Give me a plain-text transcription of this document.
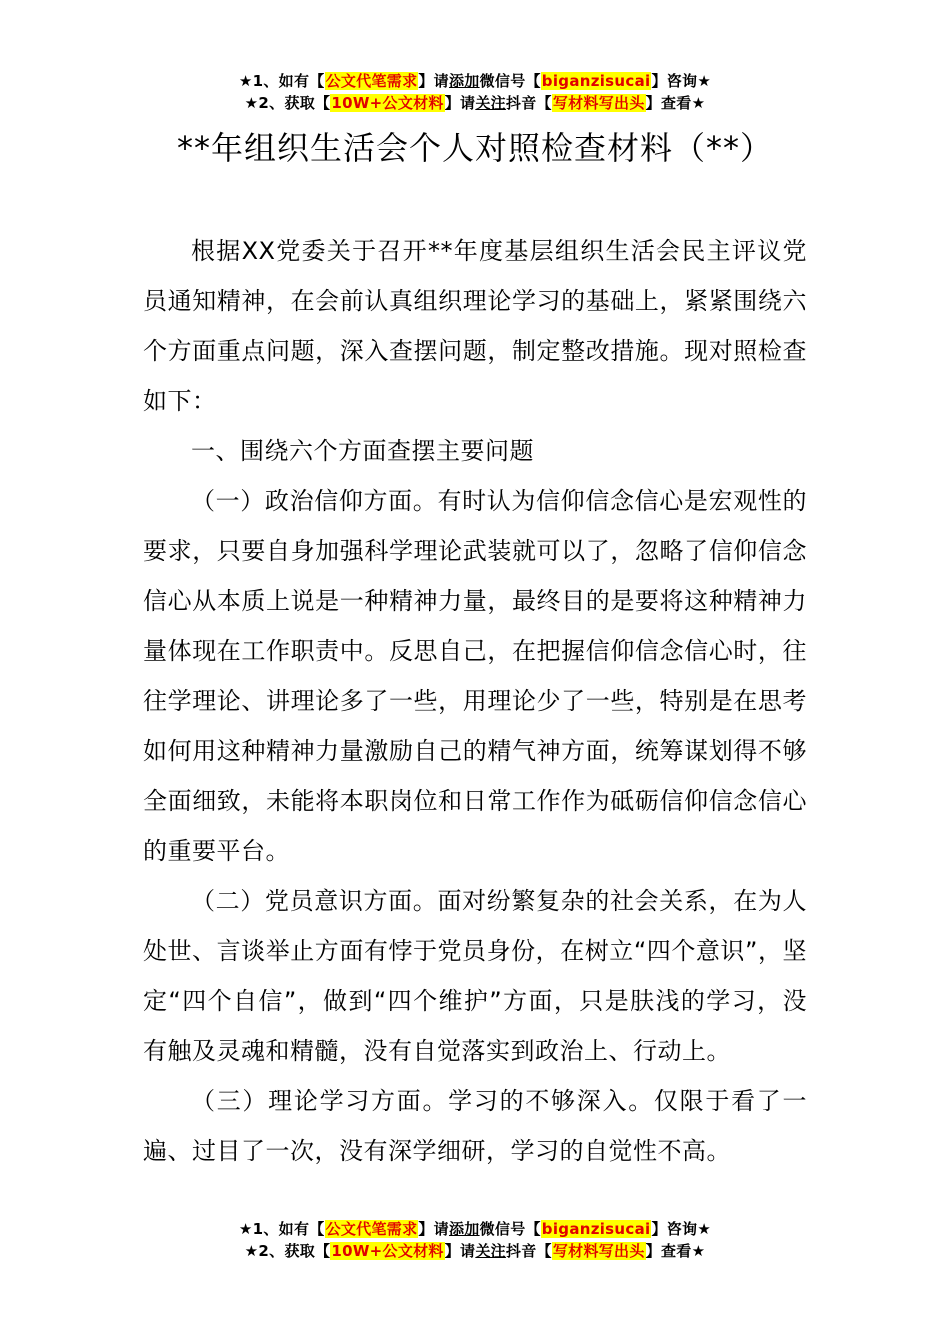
★1、如有【公文代笔需求】请添加微信号【biganzisucai】咨询★
★2、获取【10W+公文材料】请关注抖音【写材料写出头】查看★
**年组织生活会个人对照检查材料（**）

根据XX党委关于召开**年度基层组织生活会民主评议党员通知精神，在会前认真组织理论学习的基础上，紧紧围绕六个方面重点问题，深入查摆问题，制定整改措施。现对照检查如下：

一、围绕六个方面查摆主要问题

（一）政治信仰方面。有时认为信仰信念信心是宏观性的要求，只要自身加强科学理论武装就可以了，忽略了信仰信念信心从本质上说是一种精神力量，最终目的是要将这种精神力量体现在工作职责中。反思自己，在把握信仰信念信心时，往往学理论、讲理论多了一些，用理论少了一些，特别是在思考如何用这种精神力量激励自己的精气神方面，统筹谋划得不够全面细致，未能将本职岗位和日常工作作为砥砺信仰信念信心的重要平台。

（二）党员意识方面。面对纷繁复杂的社会关系，在为人处世、言谈举止方面有悖于党员身份，在树立“四个意识”，坚定“四个自信”，做到“四个维护”方面，只是肤浅的学习，没有触及灵魂和精髓，没有自觉落实到政治上、行动上。

（三）理论学习方面。学习的不够深入。仅限于看了一遍、过目了一次，没有深学细研，学习的自觉性不高。

★1、如有【公文代笔需求】请添加微信号【biganzisucai】咨询★
★2、获取【10W+公文材料】请关注抖音【写材料写出头】查看★
